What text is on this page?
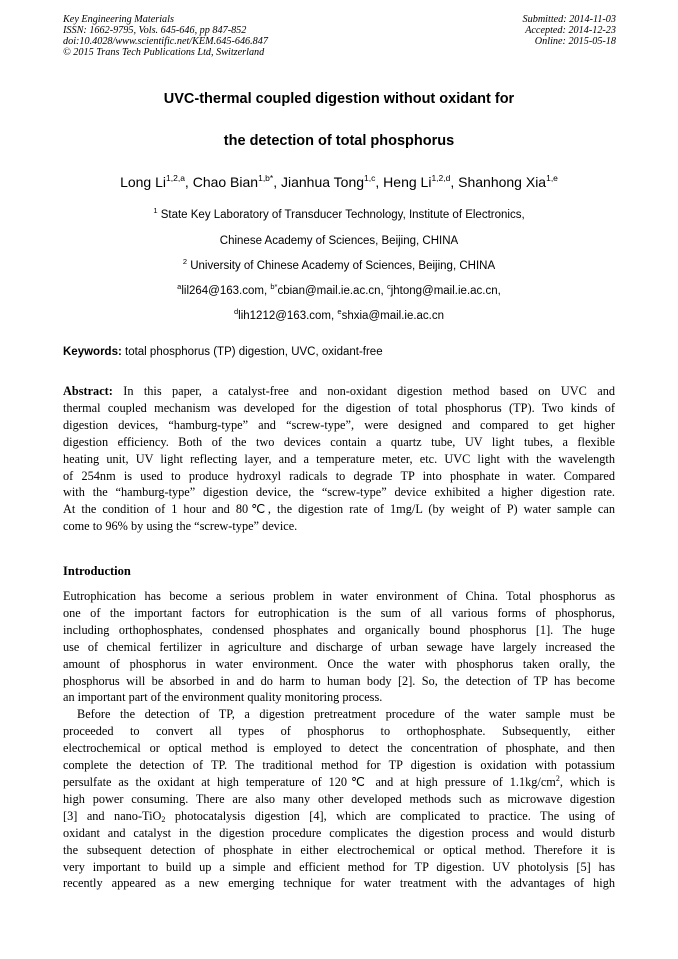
Key Engineering Materials
ISSN: 1662-9795, Vols. 645-646, pp 847-852
doi:10.4028/www.scientific.net/KEM.645-646.847
© 2015 Trans Tech Publications Ltd, Switzerland
Submitted: 2014-11-03
Accepted: 2014-12-23
Online: 2015-05-18
UVC-thermal coupled digestion without oxidant for
the detection of total phosphorus
Long Li$^{1,2,a}$, Chao Bian$^{1,b*}$, Jianhua Tong$^{1,c}$, Heng Li$^{1,2,d}$, Shanhong Xia$^{1,e}$
$^1$ State Key Laboratory of Transducer Technology, Institute of Electronics,
Chinese Academy of Sciences, Beijing, CHINA
$^2$ University of Chinese Academy of Sciences, Beijing, CHINA
$^a$lil264@163.com, $^{b*}$cbian@mail.ie.ac.cn, $^c$jhtong@mail.ie.ac.cn,
$^d$lih1212@163.com, $^e$shxia@mail.ie.ac.cn
Keywords: total phosphorus (TP) digestion, UVC, oxidant-free
Abstract: In this paper, a catalyst-free and non-oxidant digestion method based on UVC and
thermal coupled mechanism was developed for the digestion of total phosphorus (TP). Two kinds of
digestion devices, “hamburg-type” and “screw-type”, were designed and compared to get higher
digestion efficiency. Both of the two devices contain a quartz tube, UV light tubes, a flexible
heating unit, UV light reflecting layer, and a temperature meter, etc. UVC light with the wavelength
of 254nm is used to produce hydroxyl radicals to degrade TP into phosphate in water. Compared
with the “hamburg-type” digestion device, the “screw-type” device exhibited a higher digestion rate.
At the condition of 1 hour and 80℃, the digestion rate of 1mg/L (by weight of P) water sample can
come to 96% by using the “screw-type” device.
Introduction
Eutrophication has become a serious problem in water environment of China. Total phosphorus as
one of the important factors for eutrophication is the sum of all various forms of phosphorus,
including orthophosphates, condensed phosphates and organically bound phosphorus [1]. The huge
use of chemical fertilizer in agriculture and discharge of urban sewage have largely increased the
amount of phosphorus in water environment. Once the water with phosphorus taken orally, the
phosphorus will be absorbed in and do harm to human body [2]. So, the detection of TP has become
an important part of the environment quality monitoring process.
Before the detection of TP, a digestion pretreatment procedure of the water sample must be
proceeded to convert all types of phosphorus to orthophosphate. Subsequently, either
electrochemical or optical method is employed to detect the concentration of phosphate, and then
complete the detection of TP. The traditional method for TP digestion is oxidation with potassium
persulfate as the oxidant at high temperature of 120℃ and at high pressure of $1.1kg/cm^2$, which is
high power consuming. There are also many other developed methods such as microwave digestion
[3] and nano-TiO$_2$ photocatalysis digestion [4], which are complicated to practice. The using of
oxidant and catalyst in the digestion procedure complicates the digestion process and would disturb
the subsequent detection of phosphate in either electrochemical or optical method. Therefore it is
very important to build up a simple and efficient method for TP digestion. UV photolysis [5] has
recently appeared as a new emerging technique for water treatment with the advantages of high
